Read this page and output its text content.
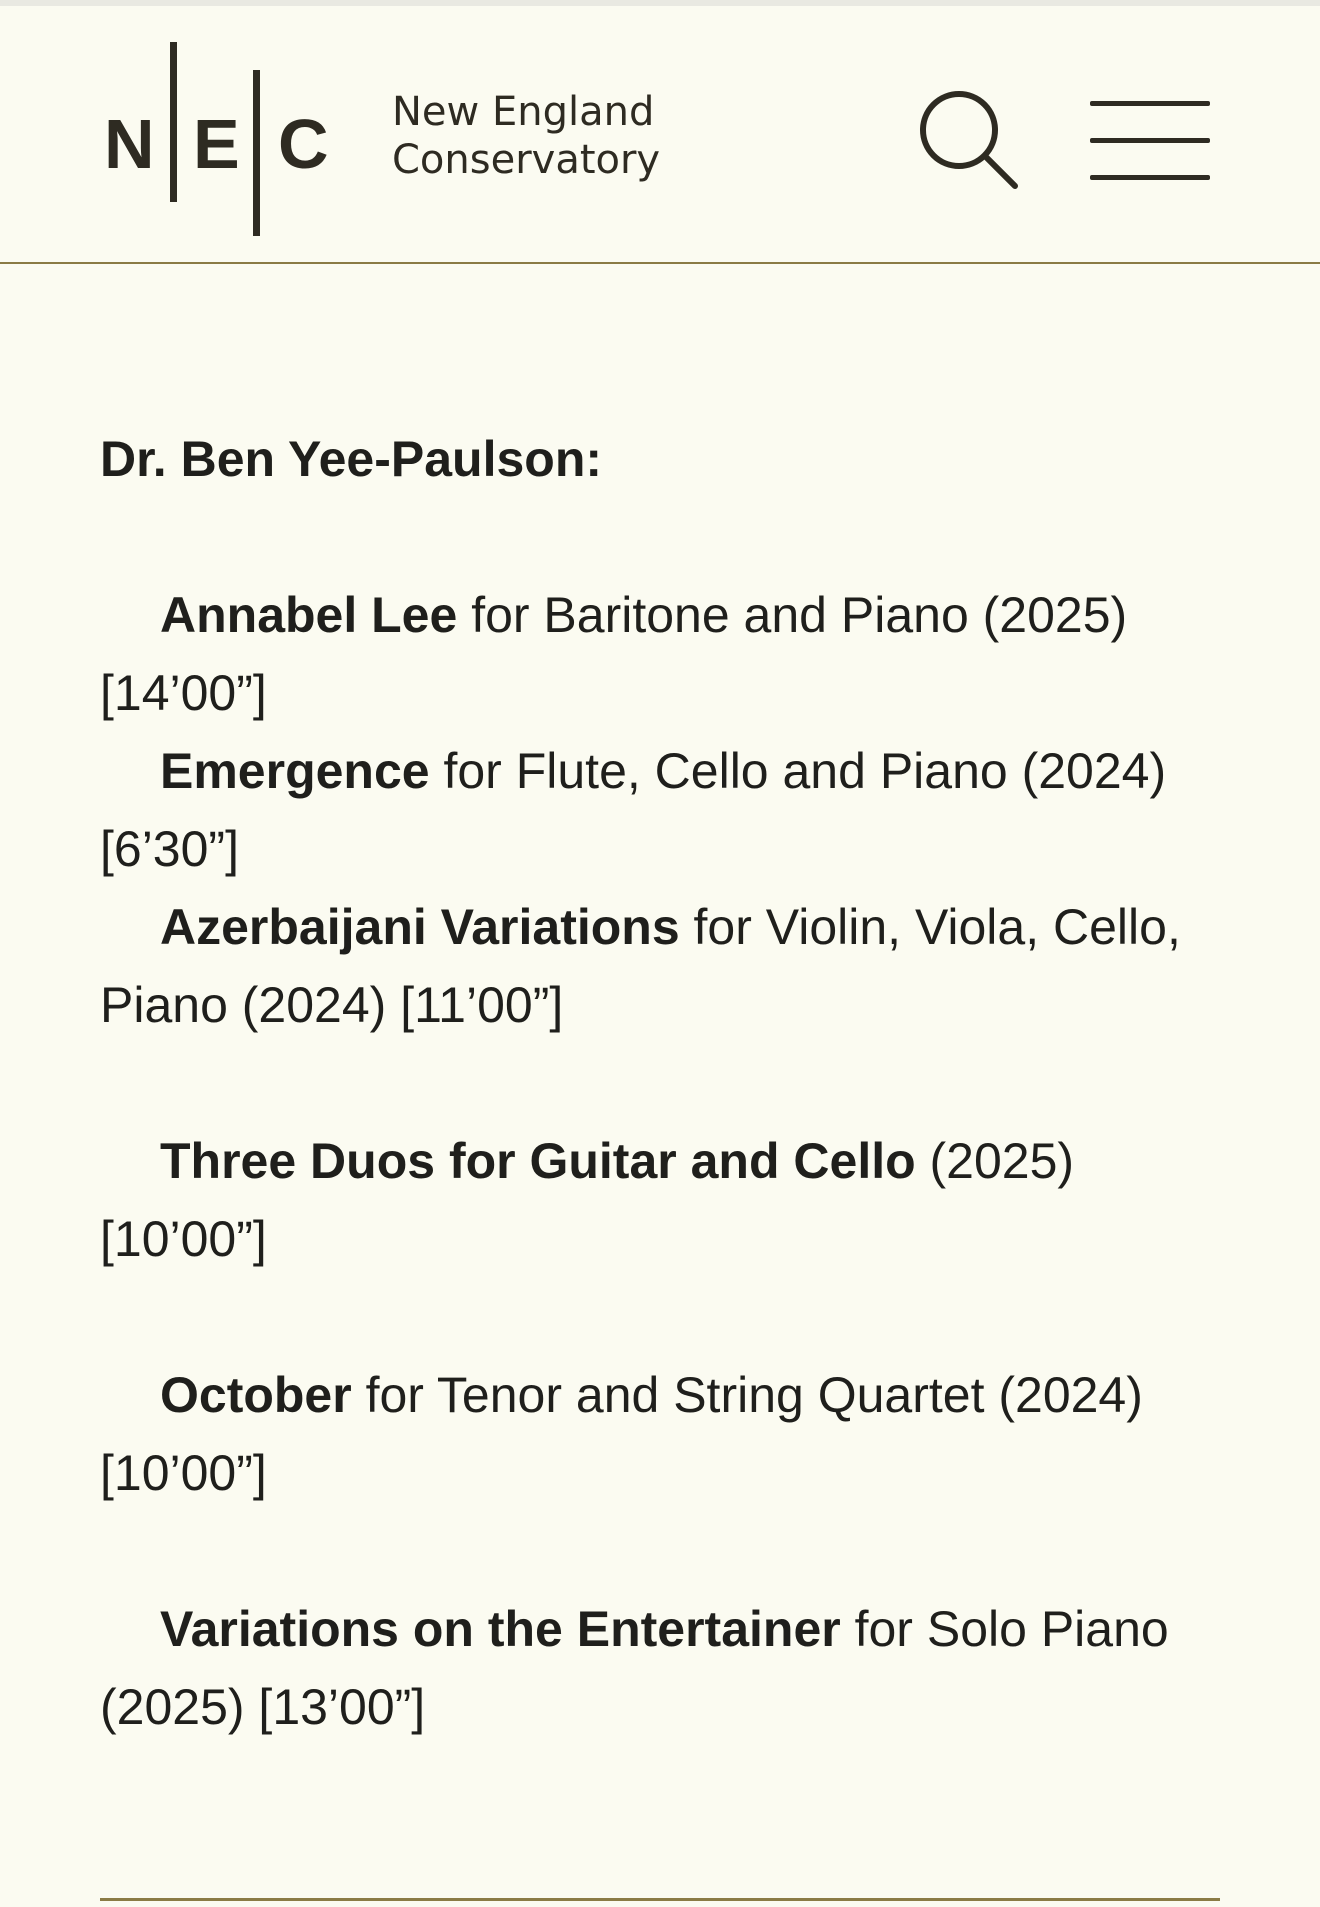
N E C New England
Conservatory

Dr. Ben Yee-Paulson:

Annabel Lee for Baritone and Piano (2025) [14’00”]

Emergence for Flute, Cello and Piano (2024) [6’30”]

Azerbaijani Variations for Violin, Viola, Cello, Piano (2024) [11’00”]

Three Duos for Guitar and Cello (2025) [10’00”]

October for Tenor and String Quartet (2024) [10’00”]

Variations on the Entertainer for Solo Piano (2025) [13’00”]
